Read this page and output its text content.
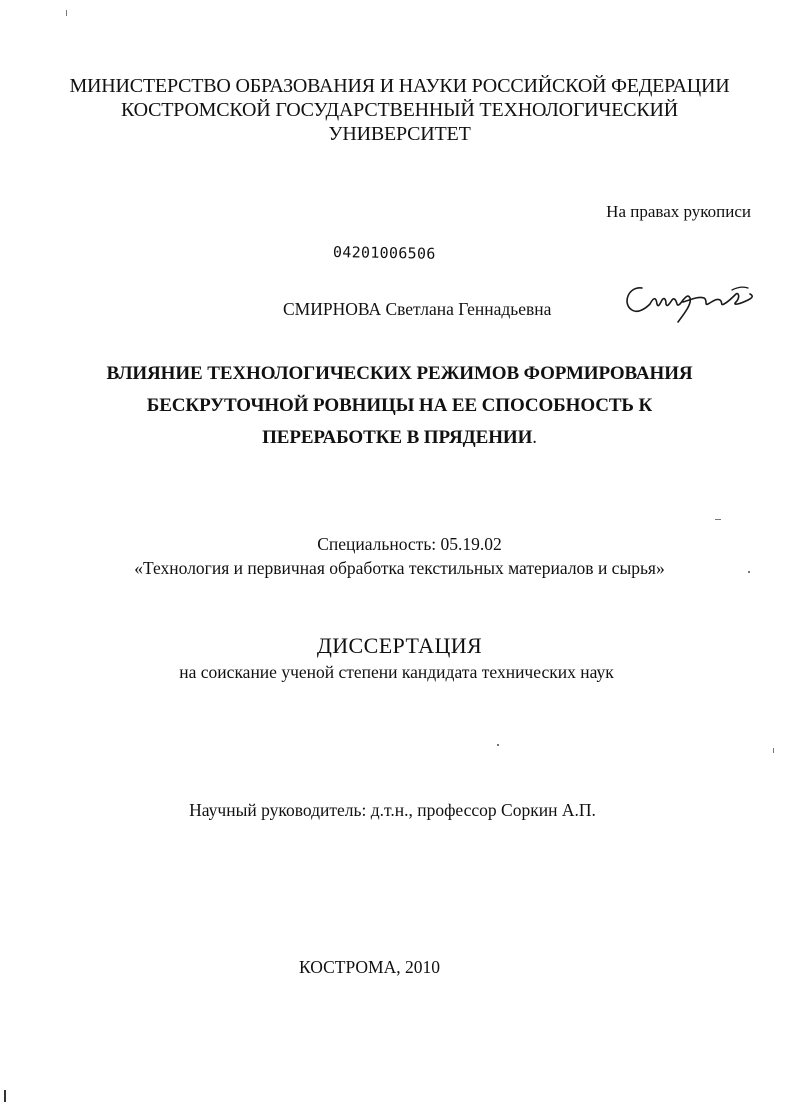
МИНИСТЕРСТВО ОБРАЗОВАНИЯ И НАУКИ РОССИЙСКОЙ ФЕДЕРАЦИИ
КОСТРОМСКОЙ ГОСУДАРСТВЕННЫЙ ТЕХНОЛОГИЧЕСКИЙ
УНИВЕРСИТЕТ
На правах рукописи
04201006506
СМИРНОВА Светлана Геннадьевна
ВЛИЯНИЕ ТЕХНОЛОГИЧЕСКИХ РЕЖИМОВ ФОРМИРОВАНИЯ
БЕСКРУТОЧНОЙ РОВНИЦЫ НА ЕЕ СПОСОБНОСТЬ К
ПЕРЕРАБОТКЕ В ПРЯДЕНИИ.
Специальность: 05.19.02
«Технология и первичная обработка текстильных материалов и сырья»
ДИССЕРТАЦИЯ
на соискание ученой степени кандидата технических наук
Научный руководитель: д.т.н., профессор Соркин А.П.
КОСТРОМА, 2010
